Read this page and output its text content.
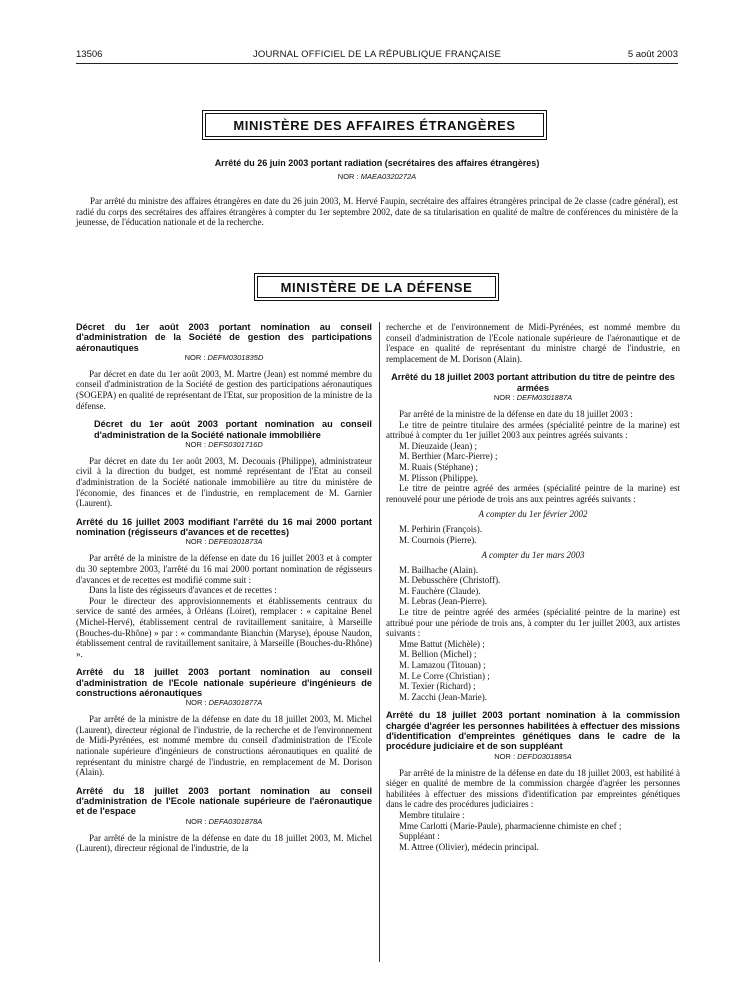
13506	JOURNAL OFFICIEL DE LA RÉPUBLIQUE FRANÇAISE	5 août 2003
MINISTÈRE DES AFFAIRES ÉTRANGÈRES
Arrêté du 26 juin 2003 portant radiation (secrétaires des affaires étrangères)
NOR : MAEA0320272A
Par arrêté du ministre des affaires étrangères en date du 26 juin 2003, M. Hervé Faupin, secrétaire des affaires étrangères principal de 2e classe (cadre général), est radié du corps des secrétaires des affaires étrangères à compter du 1er septembre 2002, date de sa titularisation en qualité de maître de conférences du ministère de la jeunesse, de l'éducation nationale et de la recherche.
MINISTÈRE DE LA DÉFENSE

Décret du 1er août 2003 portant nomination au conseil d'administration de la Société de gestion des participations aéronautiques

NOR : DEFM0301835D

Par décret en date du 1er août 2003, M. Martre (Jean) est nommé membre du conseil d'administration de la Société de gestion des participations aéronautiques (SOGEPA) en qualité de représentant de l'Etat, sur proposition de la ministre de la défense.

Décret du 1er août 2003 portant nomination au conseil d'administration de la Société nationale immobilière

NOR : DEFS0301716D

Par décret en date du 1er août 2003, M. Decouais (Philippe), administrateur civil à la direction du budget, est nommé représentant de l'Etat au conseil d'administration de la Société nationale immobilière au titre du ministère de l'économie, des finances et de l'industrie, en remplacement de M. Garnier (Laurent).

Arrêté du 16 juillet 2003 modifiant l'arrêté du 16 mai 2000 portant nomination (régisseurs d'avances et de recettes)

NOR : DEFE0301873A

Par arrêté de la ministre de la défense en date du 16 juillet 2003 et à compter du 30 septembre 2003, l'arrêté du 16 mai 2000 portant nomination de régisseurs d'avances et de recettes est modifié comme suit :

Dans la liste des régisseurs d'avances et de recettes :

Pour le directeur des approvisionnements et établissements centraux du service de santé des armées, à Orléans (Loiret), remplacer : « capitaine Benel (Michel-Hervé), établissement central de ravitaillement sanitaire, à Marseille (Bouches-du-Rhône) » par : « commandante Bianchin (Maryse), épouse Naudon, établissement central de ravitaillement sanitaire, à Marseille (Bouches-du-Rhône) ».

Arrêté du 18 juillet 2003 portant nomination au conseil d'administration de l'Ecole nationale supérieure d'ingénieurs de constructions aéronautiques

NOR : DEFA0301877A

Par arrêté de la ministre de la défense en date du 18 juillet 2003, M. Michel (Laurent), directeur régional de l'industrie, de la recherche et de l'environnement de Midi-Pyrénées, est nommé membre du conseil d'administration de l'Ecole nationale supérieure d'ingénieurs de constructions aéronautiques en qualité de représentant du ministre chargé de l'industrie, en remplacement de M. Dorison (Alain).

Arrêté du 18 juillet 2003 portant nomination au conseil d'administration de l'Ecole nationale supérieure de l'aéronautique et de l'espace

NOR : DEFA0301878A

Par arrêté de la ministre de la défense en date du 18 juillet 2003, M. Michel (Laurent), directeur régional de l'industrie, de la

recherche et de l'environnement de Midi-Pyrénées, est nommé membre du conseil d'administration de l'Ecole nationale supérieure de l'aéronautique et de l'espace en qualité de représentant du ministre chargé de l'industrie, en remplacement de M. Dorison (Alain).

Arrêté du 18 juillet 2003 portant attribution du titre de peintre des armées

NOR : DEFM0301887A

Par arrêté de la ministre de la défense en date du 18 juillet 2003 :

Le titre de peintre titulaire des armées (spécialité peintre de la marine) est attribué à compter du 1er juillet 2003 aux peintres agréés suivants :

M. Dieuzaide (Jean) ;
M. Berthier (Marc-Pierre) ;
M. Ruais (Stéphane) ;
M. Plisson (Philippe).

Le titre de peintre agréé des armées (spécialité peintre de la marine) est renouvelé pour une période de trois ans aux peintres agréés suivants :

A compter du 1er février 2002

M. Perhirin (François).
M. Cournois (Pierre).

A compter du 1er mars 2003

M. Bailhache (Alain).
M. Debusschère (Christoff).
M. Fauchère (Claude).
M. Lebras (Jean-Pierre).

Le titre de peintre agréé des armées (spécialité peintre de la marine) est attribué pour une période de trois ans, à compter du 1er juillet 2003, aux artistes suivants :

Mme Battut (Michèle) ;
M. Bellion (Michel) ;
M. Lamazou (Titouan) ;
M. Le Corre (Christian) ;
M. Texier (Richard) ;
M. Zacchi (Jean-Marie).

Arrêté du 18 juillet 2003 portant nomination à la commission chargée d'agréer les personnes habilitées à effectuer des missions d'identification d'empreintes génétiques dans le cadre de la procédure judiciaire et de son suppléant

NOR : DEFD0301885A

Par arrêté de la ministre de la défense en date du 18 juillet 2003, est habilité à siéger en qualité de membre de la commission chargée d'agréer les personnes habilitées à effectuer des missions d'identification par empreintes génétiques dans le cadre des procédures judiciaires :

Membre titulaire :

Mme Carlotti (Marie-Paule), pharmacienne chimiste en chef ;

Suppléant :

M. Attree (Olivier), médecin principal.
